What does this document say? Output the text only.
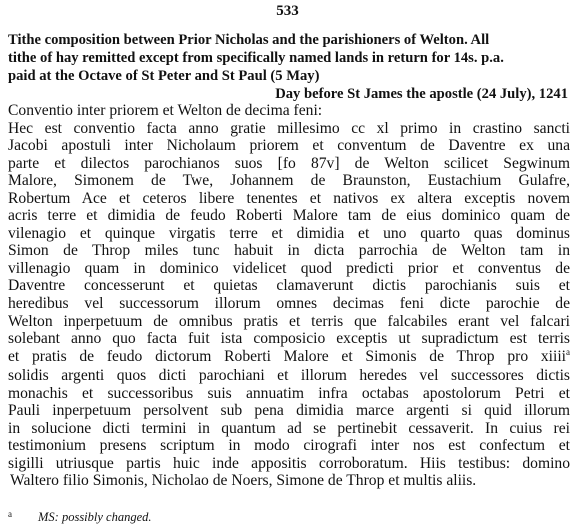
533
Tithe composition between Prior Nicholas and the parishioners of Welton. All
tithe of hay remitted except from specifically named lands in return for 14s. p.a.
paid at the Octave of St Peter and St Paul (5 May)
Day before St James the apostle (24 July), 1241
Conventio inter priorem et Welton de decima feni:
Hec est conventio facta anno gratie millesimo cc xl primo in crastino sancti
Jacobi apostuli inter Nicholaum priorem et conventum de Daventre ex una
parte et dilectos parochianos suos [fo 87v] de Welton scilicet Segwinum
Malore, Simonem de Twe, Johannem de Braunston, Eustachium Gulafre,
Robertum Ace et ceteros libere tenentes et nativos ex altera exceptis novem
acris terre et dimidia de feudo Roberti Malore tam de eius dominico quam de
vilenagio et quinque virgatis terre et dimidia et uno quarto quas dominus
Simon de Throp miles tunc habuit in dicta parrochia de Welton tam in
villenagio quam in dominico videlicet quod predicti prior et conventus de
Daventre concesserunt et quietas clamaverunt dictis parochianis suis et
heredibus vel successorum illorum omnes decimas feni dicte parochie de
Welton inperpetuum de omnibus pratis et terris que falcabiles erant vel falcari
solebant anno quo facta fuit ista composicio exceptis ut supradictum est terris
et pratis de feudo dictorum Roberti Malore et Simonis de Throp pro xiiii$^a$
solidis argenti quos dicti parochiani et illorum heredes vel successores dictis
monachis et successoribus suis annuatim infra octabas apostolorum Petri et
Pauli inperpetuum persolvent sub pena dimidia marce argenti si quid illorum
in solucione dicti termini in quantum ad se pertinebit cessaverit. In cuius rei
testimonium presens scriptum in modo cirografi inter nos est confectum et
sigilli utriusque partis huic inde appositis corroboratum. Hiis testibus: domino
Waltero filio Simonis, Nicholao de Noers, Simone de Throp et multis aliis.
$^a$ MS: possibly changed.
